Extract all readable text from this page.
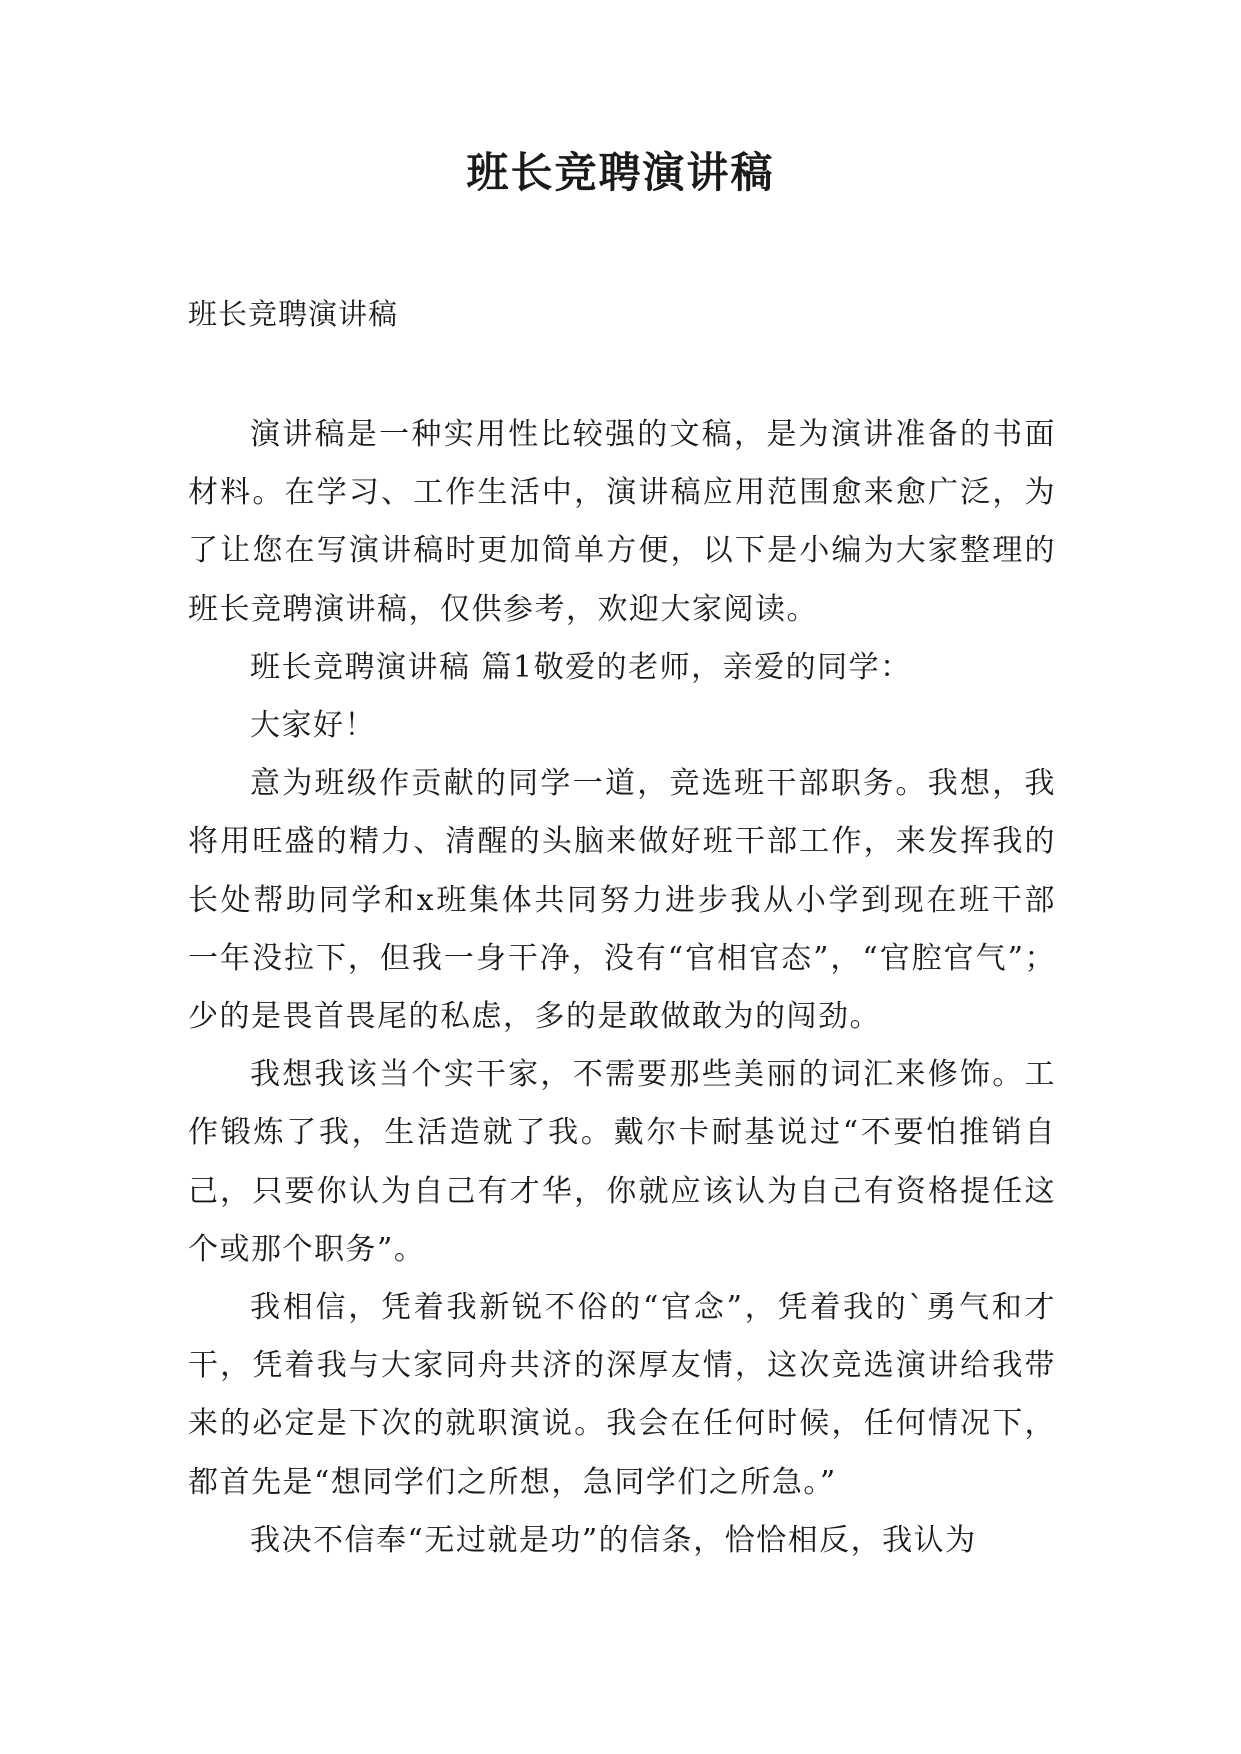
班长竞聘演讲稿
班长竞聘演讲稿

演讲稿是一种实用性比较强的文稿，是为演讲准备的书面材料。在学习、工作生活中，演讲稿应用范围愈来愈广泛，为了让您在写演讲稿时更加简单方便，以下是小编为大家整理的班长竞聘演讲稿，仅供参考，欢迎大家阅读。

班长竞聘演讲稿 篇1敬爱的老师，亲爱的同学：

大家好！

意为班级作贡献的同学一道，竞选班干部职务。我想，我将用旺盛的精力、清醒的头脑来做好班干部工作，来发挥我的长处帮助同学和x班集体共同努力进步我从小学到现在班干部一年没拉下，但我一身干净，没有“官相官态”，“官腔官气”；少的是畏首畏尾的私虑，多的是敢做敢为的闯劲。

我想我该当个实干家，不需要那些美丽的词汇来修饰。工作锻炼了我，生活造就了我。戴尔卡耐基说过“不要怕推销自己，只要你认为自己有才华，你就应该认为自己有资格提任这个或那个职务”。

我相信，凭着我新锐不俗的“官念”，凭着我的`勇气和才干，凭着我与大家同舟共济的深厚友情，这次竞选演讲给我带来的必定是下次的就职演说。我会在任何时候，任何情况下，都首先是“想同学们之所想，急同学们之所急。”

我决不信奉“无过就是功”的信条，恰恰相反，我认为
